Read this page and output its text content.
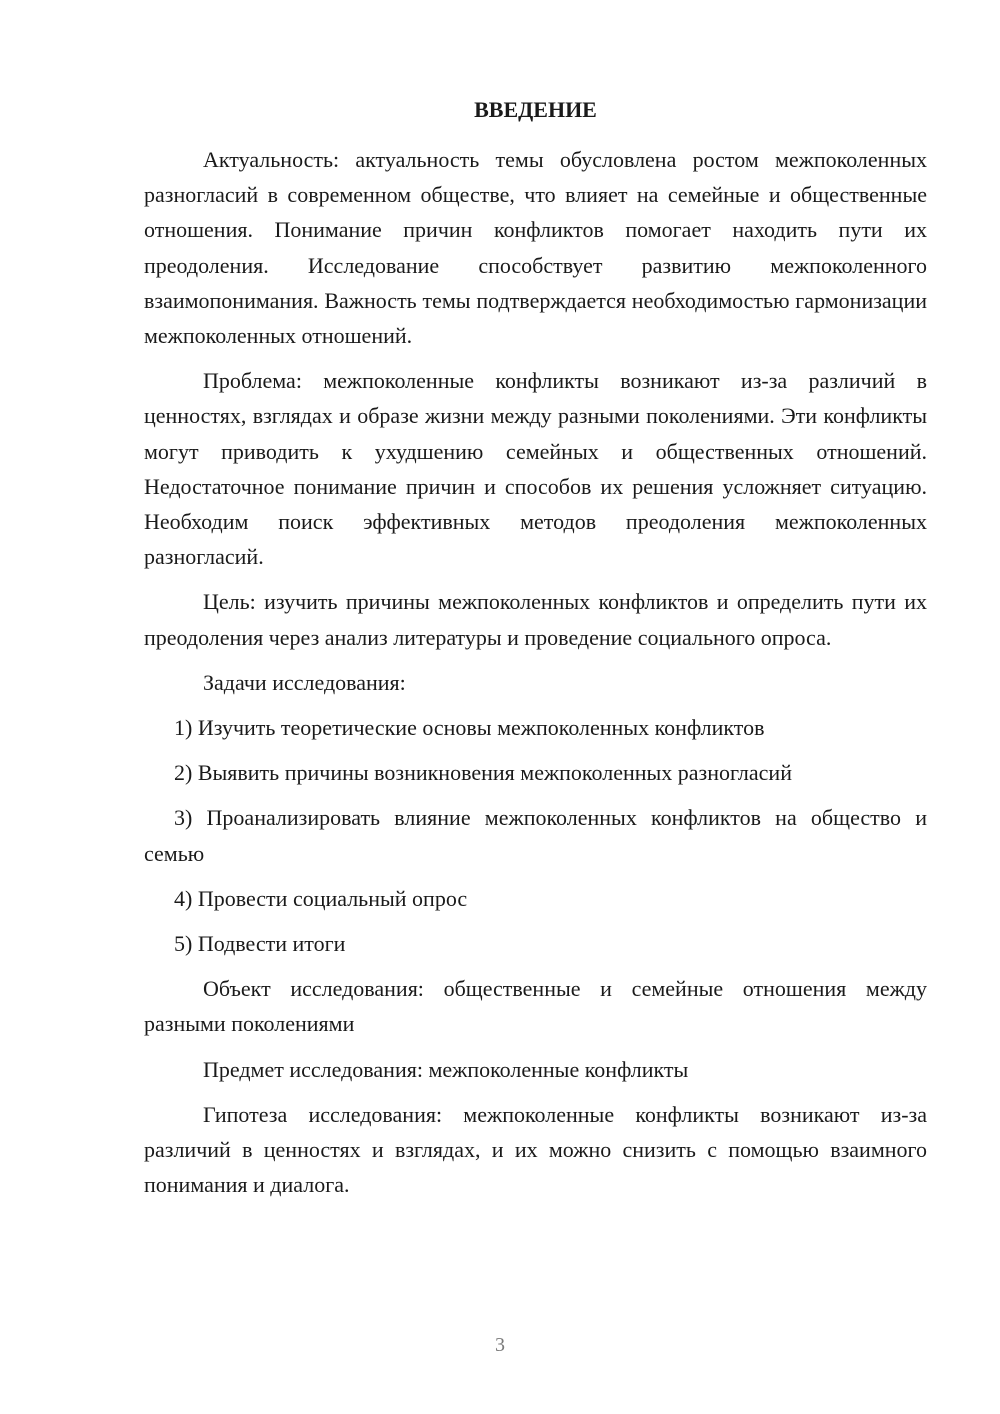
ВВЕДЕНИЕ

Актуальность: актуальность темы обусловлена ростом межпоколенных разногласий в современном обществе, что влияет на семейные и общественные отношения. Понимание причин конфликтов помогает находить пути их преодоления. Исследование способствует развитию межпоколенного взаимопонимания. Важность темы подтверждается необходимостью гармонизации межпоколенных отношений.

Проблема: межпоколенные конфликты возникают из-за различий в ценностях, взглядах и образе жизни между разными поколениями. Эти конфликты могут приводить к ухудшению семейных и общественных отношений. Недостаточное понимание причин и способов их решения усложняет ситуацию. Необходим поиск эффективных методов преодоления межпоколенных разногласий.

Цель: изучить причины межпоколенных конфликтов и определить пути их преодоления через анализ литературы и проведение социального опроса.

Задачи исследования:

1) Изучить теоретические основы межпоколенных конфликтов
2) Выявить причины возникновения межпоколенных разногласий
3) Проанализировать влияние межпоколенных конфликтов на общество и семью
4) Провести социальный опрос
5) Подвести итоги

Объект исследования: общественные и семейные отношения между разными поколениями

Предмет исследования: межпоколенные конфликты

Гипотеза исследования: межпоколенные конфликты возникают из-за различий в ценностях и взглядах, и их можно снизить с помощью взаимного понимания и диалога.

3
